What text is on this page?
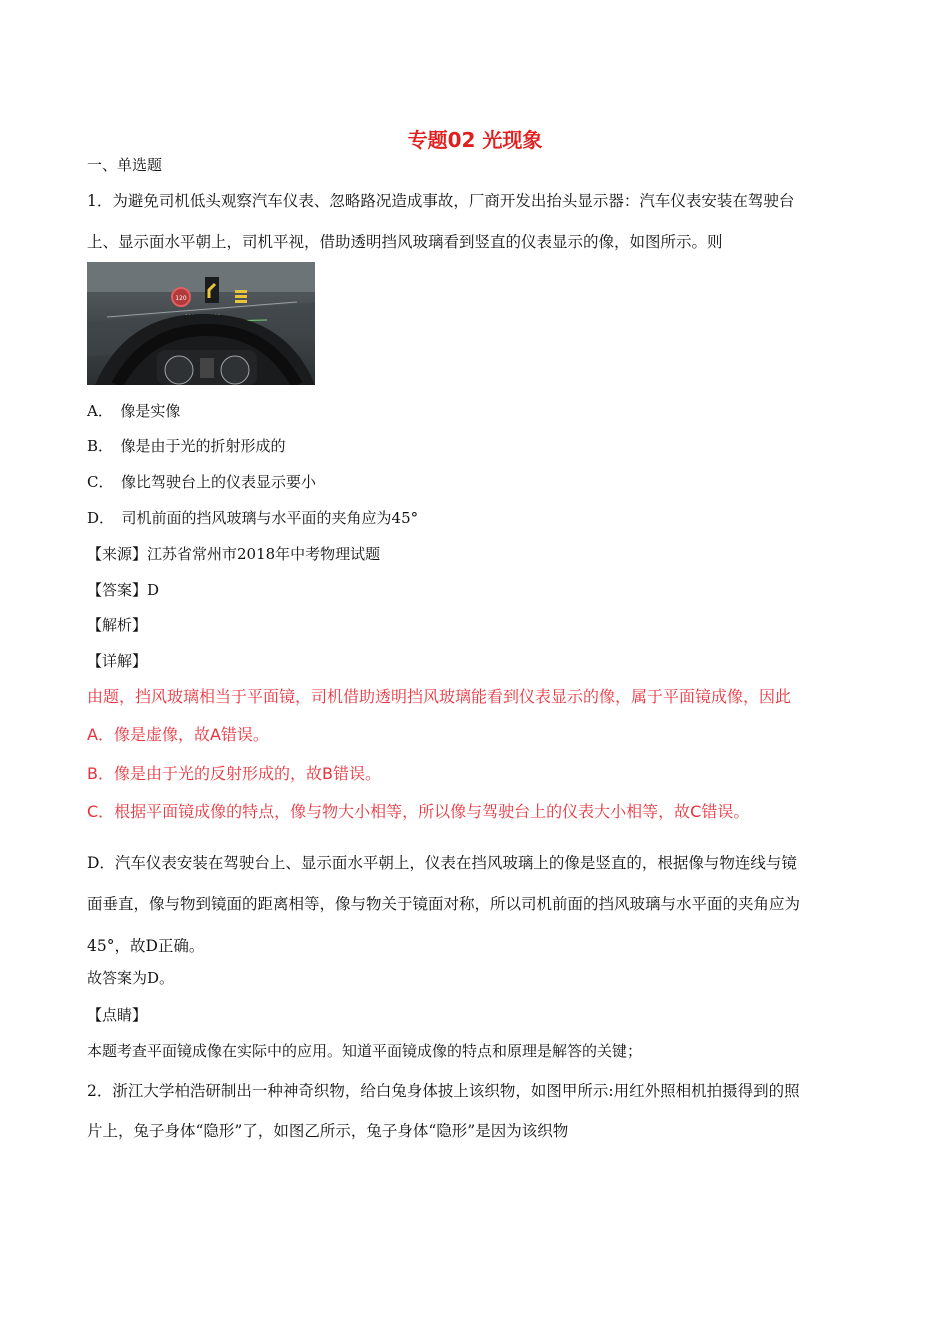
专题02 光现象
一、单选题
1．为避免司机低头观察汽车仪表、忽略路况造成事故，厂商开发出抬头显示器：汽车仪表安装在驾驶台
上、显示面水平朝上，司机平视，借助透明挡风玻璃看到竖直的仪表显示的像，如图所示。则
120
A．　像是实像
B．　像是由于光的折射形成的
C．　像比驾驶台上的仪表显示要小
D．　司机前面的挡风玻璃与水平面的夹角应为45°
【来源】江苏省常州市2018年中考物理试题
【答案】D
【解析】
【详解】
由题，挡风玻璃相当于平面镜，司机借助透明挡风玻璃能看到仪表显示的像，属于平面镜成像，因此
A．像是虚像，故A错误。
B．像是由于光的反射形成的，故B错误。
C．根据平面镜成像的特点，像与物大小相等，所以像与驾驶台上的仪表大小相等，故C错误。
D．汽车仪表安装在驾驶台上、显示面水平朝上，仪表在挡风玻璃上的像是竖直的，根据像与物连线与镜
面垂直，像与物到镜面的距离相等，像与物关于镜面对称，所以司机前面的挡风玻璃与水平面的夹角应为
45°，故D正确。
故答案为D。
【点睛】
本题考查平面镜成像在实际中的应用。知道平面镜成像的特点和原理是解答的关键；
2．浙江大学柏浩研制出一种神奇织物，给白兔身体披上该织物，如图甲所示:用红外照相机拍摄得到的照
片上，兔子身体“隐形”了，如图乙所示，兔子身体“隐形”是因为该织物
